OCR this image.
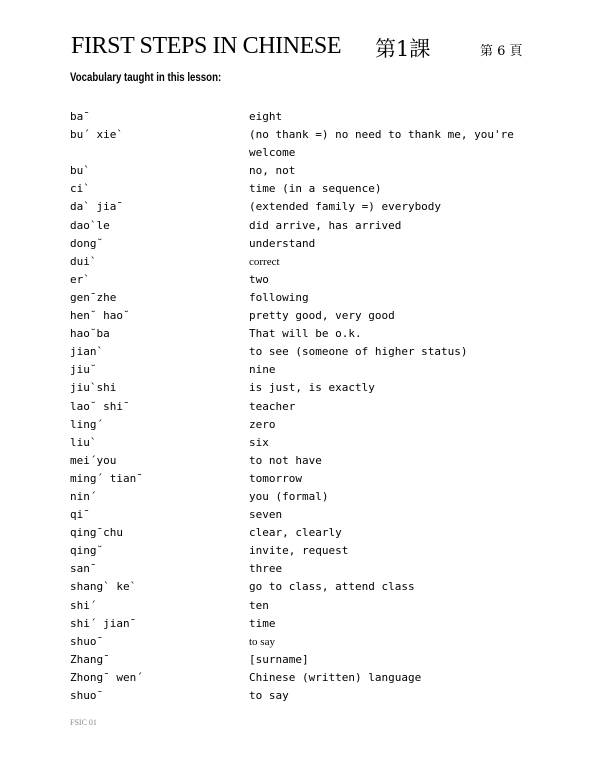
FIRST STEPS IN CHINESE 第1課	第 6 頁
Vocabulary taught in this lesson:
ba¯	eight
bu´ xie`	(no thank =) no need to thank me, you're welcome
bu`	no, not
ci`	time (in a sequence)
da` jia¯	(extended family =) everybody
dao`le	did arrive, has arrived
dong˘	understand
dui`	correct
er`	two
gen¯zhe	following
hen˘ hao˘	pretty good, very good
hao˘ba	That will be o.k.
jian`	to see (someone of higher status)
jiu˘	nine
jiu`shi	is just, is exactly
lao˘ shi¯	teacher
ling´	zero
liu`	six
mei´you	to not have
ming´ tian¯	tomorrow
nin´	you (formal)
qi¯	seven
qing¯chu	clear, clearly
qing˘	invite, request
san¯	three
shang` ke`	go to class, attend class
shi´	ten
shi´ jian¯	time
shuo¯	to say
Zhang¯	[surname]
Zhong¯ wen´	Chinese (written) language
shuo¯	to say
FSIC 01
